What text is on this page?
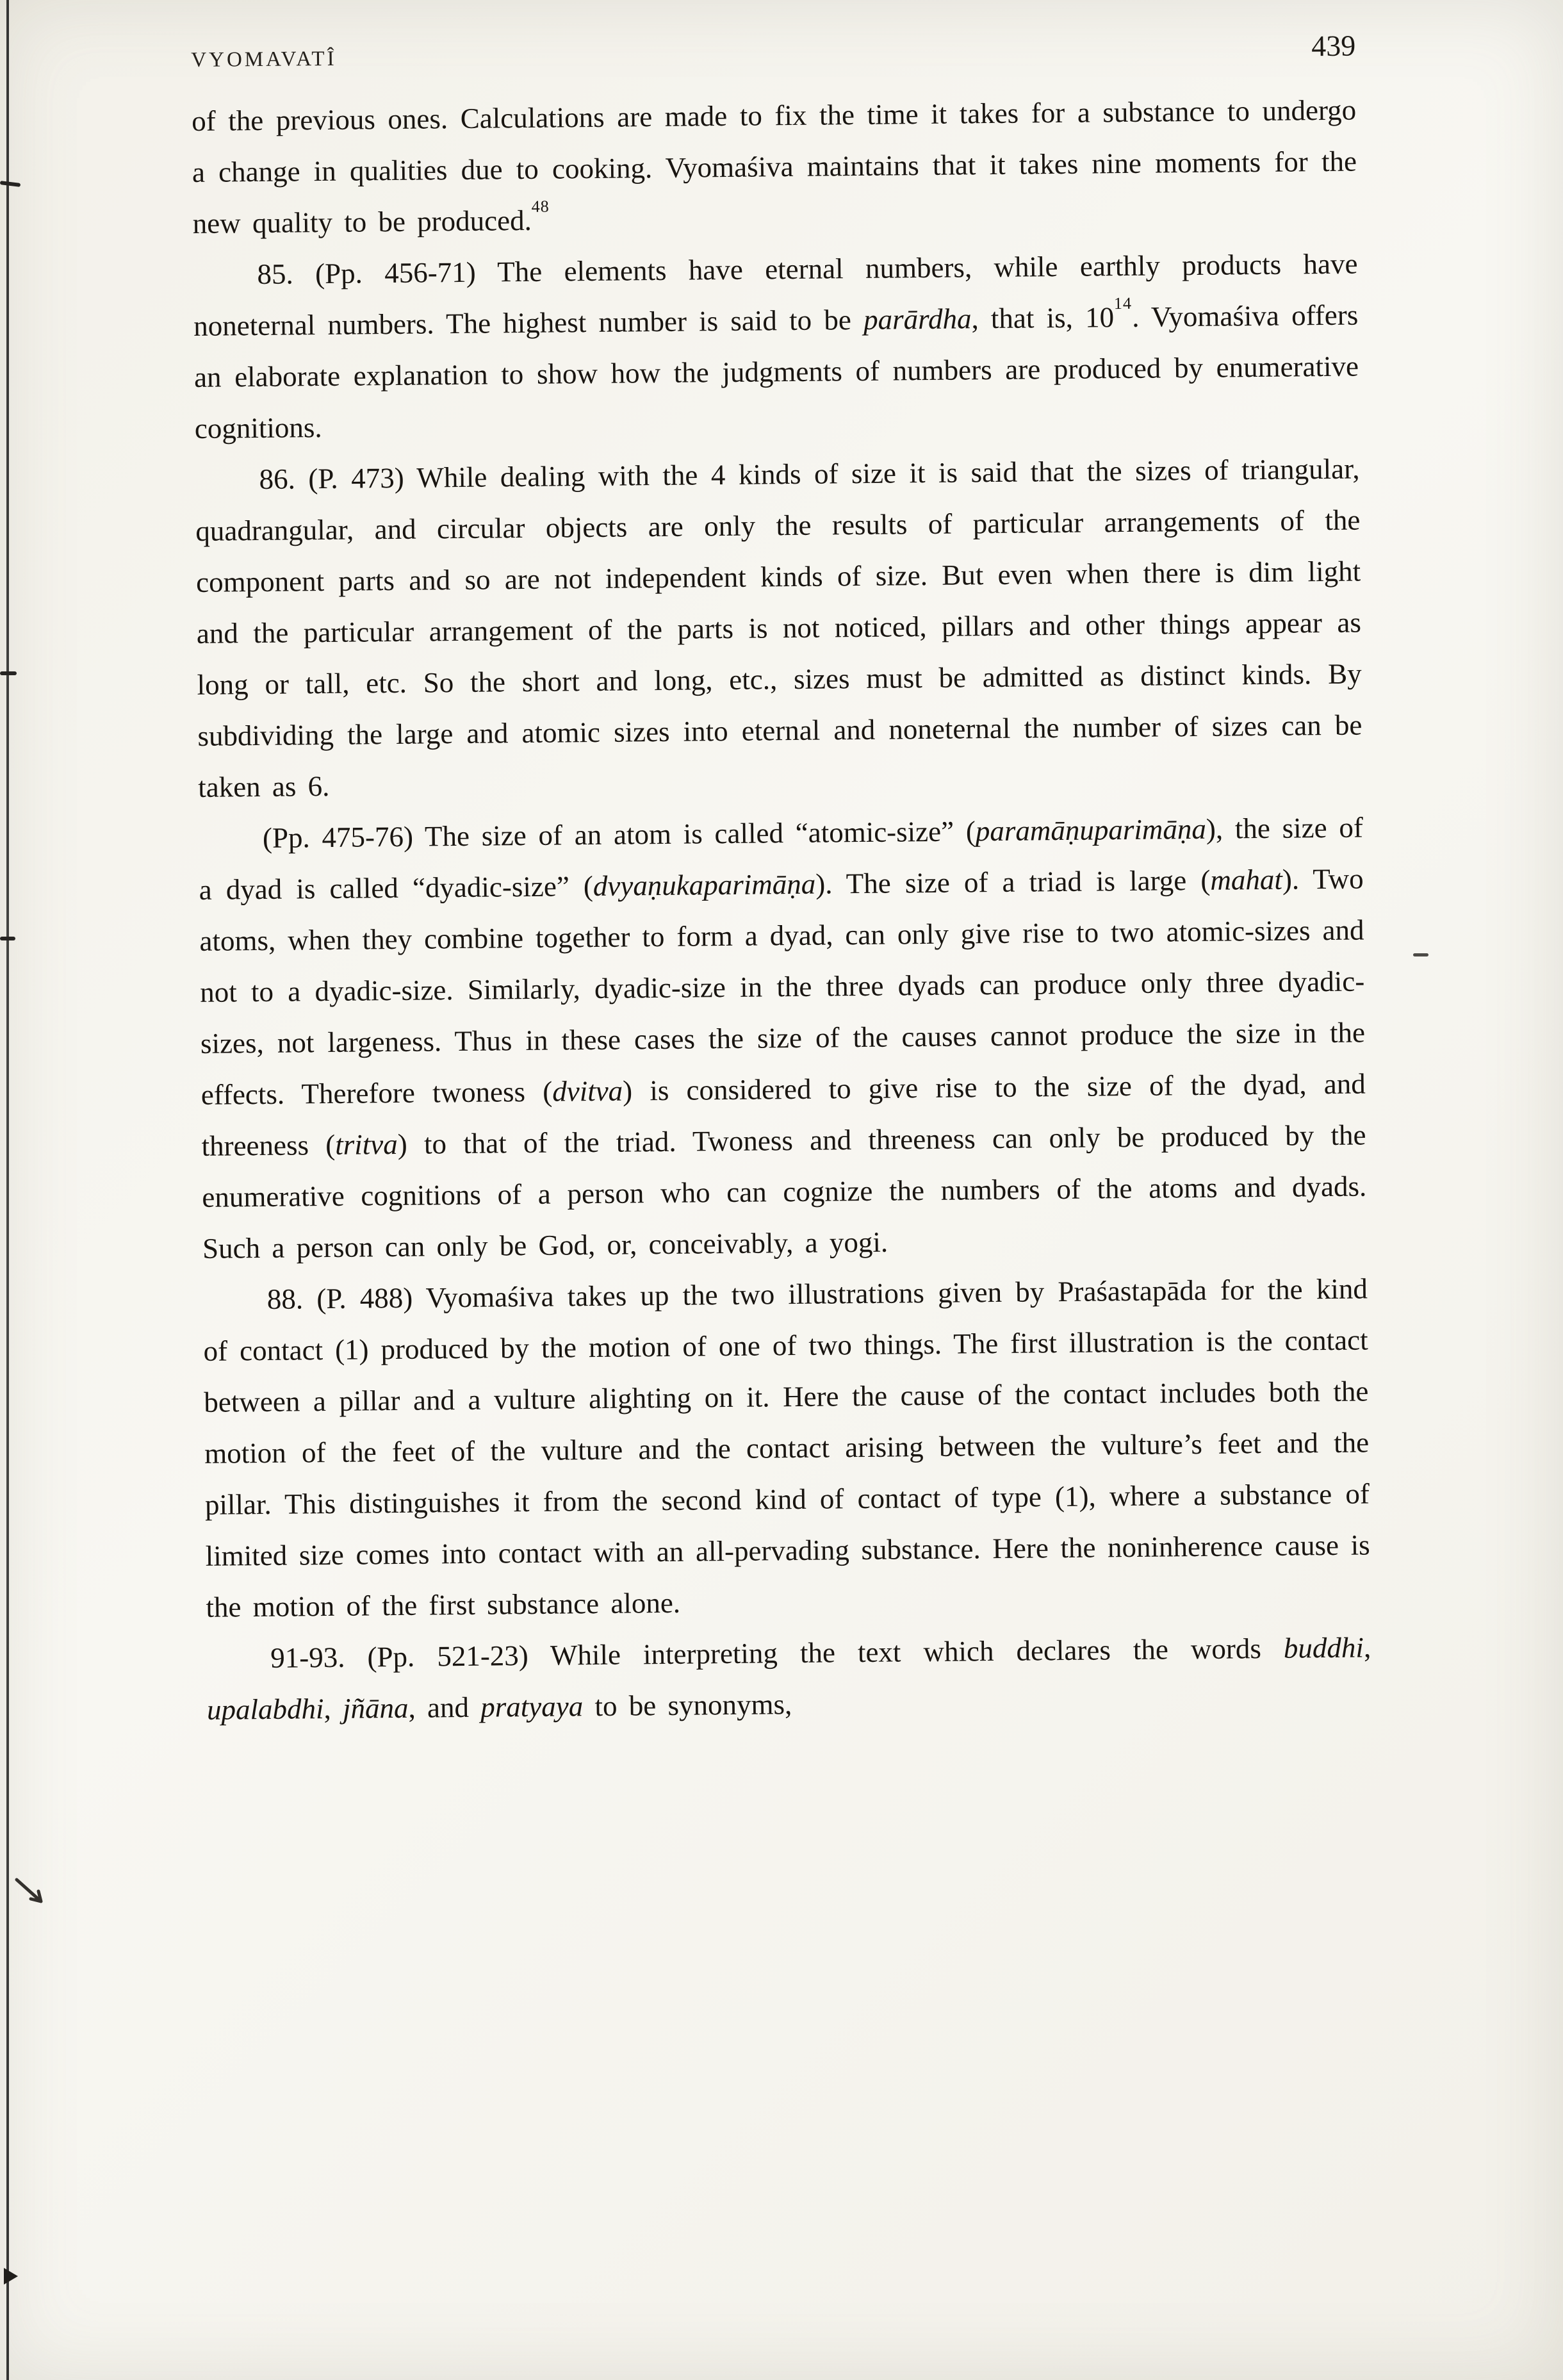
VYOMAVATÎ	439

of the previous ones. Calculations are made to fix the time it takes for a substance to undergo a change in qualities due to cooking. Vyomaśiva maintains that it takes nine moments for the new quality to be produced.$^{48}$

85. (Pp. 456-71) The elements have eternal numbers, while earthly products have noneternal numbers. The highest number is said to be parārdha, that is, $10^{14}$. Vyomaśiva offers an elaborate explanation to show how the judgments of numbers are produced by enumerative cognitions.

86. (P. 473) While dealing with the 4 kinds of size it is said that the sizes of triangular, quadrangular, and circular objects are only the results of particular arrangements of the component parts and so are not independent kinds of size. But even when there is dim light and the particular arrangement of the parts is not noticed, pillars and other things appear as long or tall, etc. So the short and long, etc., sizes must be admitted as distinct kinds. By subdividing the large and atomic sizes into eternal and noneternal the number of sizes can be taken as 6.

(Pp. 475-76) The size of an atom is called “atomic-size” (paramāṇuparimāṇa), the size of a dyad is called “dyadic-size” (dvyaṇukaparimāṇa). The size of a triad is large (mahat). Two atoms, when they combine together to form a dyad, can only give rise to two atomic-sizes and not to a dyadic-size. Similarly, dyadic-size in the three dyads can produce only three dyadic-sizes, not largeness. Thus in these cases the size of the causes cannot produce the size in the effects. Therefore twoness (dvitva) is considered to give rise to the size of the dyad, and threeness (tritva) to that of the triad. Twoness and threeness can only be produced by the enumerative cognitions of a person who can cognize the numbers of the atoms and dyads. Such a person can only be God, or, conceivably, a yogi.

88. (P. 488) Vyomaśiva takes up the two illustrations given by Praśastapāda for the kind of contact (1) produced by the motion of one of two things. The first illustration is the contact between a pillar and a vulture alighting on it. Here the cause of the contact includes both the motion of the feet of the vulture and the contact arising between the vulture’s feet and the pillar. This distinguishes it from the second kind of contact of type (1), where a substance of limited size comes into contact with an all-pervading substance. Here the noninherence cause is the motion of the first substance alone.

91-93. (Pp. 521-23) While interpreting the text which declares the words buddhi, upalabdhi, jñāna, and pratyaya to be synonyms,
